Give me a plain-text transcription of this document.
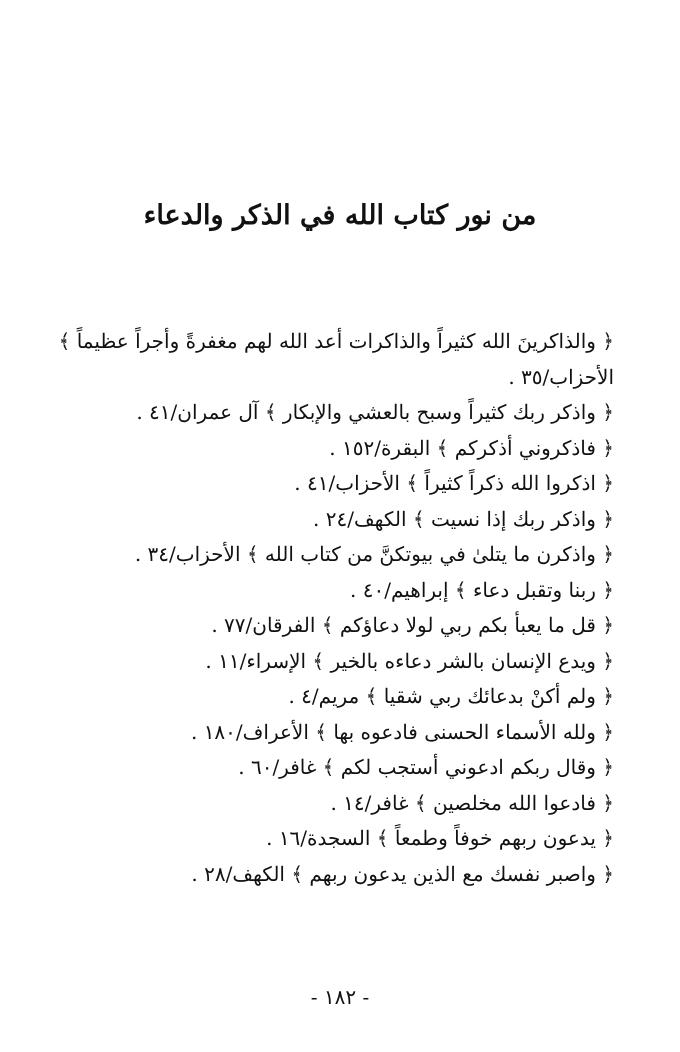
من نور كتاب الله في الذكر والدعاء
﴿ والذاكرينَ الله كثيراً والذاكرات أعد الله لهم مغفرةً وأجراً عظيماً ﴾
الأحزاب/٣٥ .
﴿ واذكر ربك كثيراً وسبح بالعشي والإبكار ﴾ آل عمران/٤١ .
﴿ فاذكروني أذكركم ﴾ البقرة/١٥٢ .
﴿ اذكروا الله ذكراً كثيراً ﴾ الأحزاب/٤١ .
﴿ واذكر ربك إذا نسيت ﴾ الكهف/٢٤ .
﴿ واذكرن ما يتلىٰ في بيوتكنَّ من كتاب الله ﴾ الأحزاب/٣٤ .
﴿ ربنا وتقبل دعاء ﴾ إبراهيم/٤٠ .
﴿ قل ما يعبأ بكم ربي لولا دعاؤكم ﴾ الفرقان/٧٧ .
﴿ ويدع الإنسان بالشر دعاءه بالخير ﴾ الإسراء/١١ .
﴿ ولم أكنْ بدعائك ربي شقيا ﴾ مريم/٤ .
﴿ ولله الأسماء الحسنى فادعوه بها ﴾ الأعراف/١٨٠ .
﴿ وقال ربكم ادعوني أستجب لكم ﴾ غافر/٦٠ .
﴿ فادعوا الله مخلصين ﴾ غافر/١٤ .
﴿ يدعون ربهم خوفاً وطمعاً ﴾ السجدة/١٦ .
﴿ واصبر نفسك مع الذين يدعون ربهم ﴾ الكهف/٢٨ .
- ١٨٢ -
